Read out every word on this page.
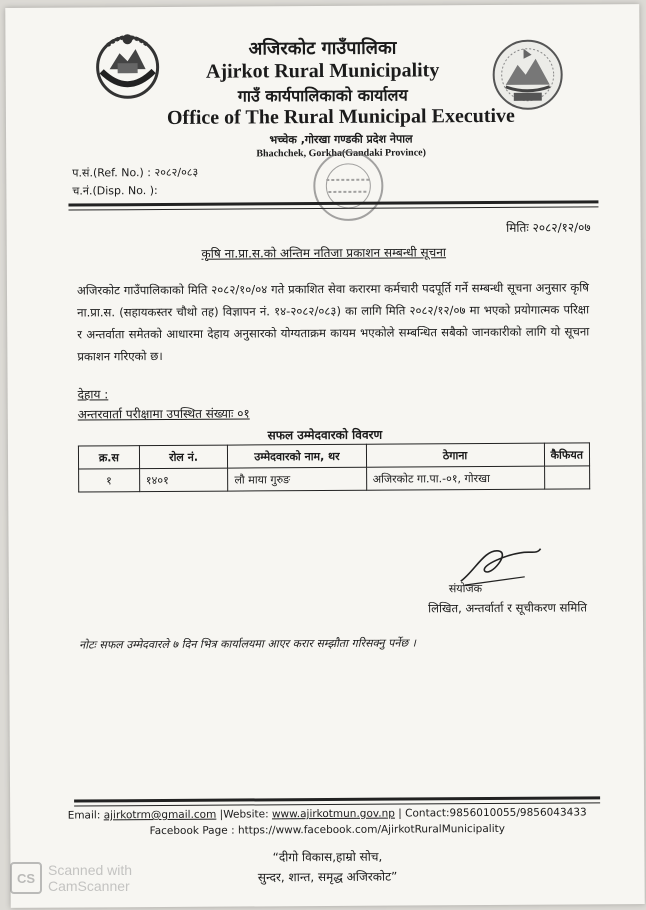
अजिरकोट गाउँपालिका
Ajirkot Rural Municipality
गाउँ कार्यपालिकाको कार्यालय
Office of The Rural Municipal Executive
भच्चेक ,गोरखा गण्डकी प्रदेश नेपाल
Bhachchek, Gorkha(Gandaki Province)
प.सं.(Ref. No.) : २०८२/०८३
च.नं.(Disp. No. ):
मितिः २०८२/१२/०७
कृषि ना.प्रा.स.को अन्तिम नतिजा प्रकाशन सम्बन्धी सूचना
अजिरकोट गाउँपालिकाको मिति २०८२/१०/०४ गते प्रकाशित सेवा करारमा कर्मचारी पदपूर्ति गर्ने सम्बन्धी सूचना अनुसार कृषि ना.प्रा.स. (सहायकस्तर चौथो तह) विज्ञापन नं. १४-२०८२/०८३) का लागि मिति २०८२/१२/०७ मा भएको प्रयोगात्मक परिक्षा र अन्तर्वाता समेतको आधारमा देहाय अनुसारको योग्यताक्रम कायम भएकोले सम्बन्धित सबैको जानकारीको लागि यो सूचना प्रकाशन गरिएको छ।
देहाय :
अन्तरवार्ता परीक्षामा उपस्थित संख्याः ०१
सफल उम्मेदवारको विवरण
क्र.स	रोल नं.	उम्मेदवारको नाम, थर	ठेगाना	कैफियत
१	१४०१	लौ माया गुरुङ	अजिरकोट गा.पा.-०१, गोरखा	
संयोजक
लिखित, अन्तर्वार्ता र सूचीकरण समिति
नोटः सफल उम्मेदवारले ७ दिन भित्र कार्यालयमा आएर करार सम्झौता गरिसक्नु पर्नेछ ।
Email: ajirkotrm@gmail.com |Website: www.ajirkotmun.gov.np | Contact:9856010055/9856043433
Facebook Page : https://www.facebook.com/AjirkotRuralMunicipality
“दीगो विकास,हाम्रो सोच,
सुन्दर, शान्त, समृद्ध अजिरकोट”
CS Scanned with
CamScanner
